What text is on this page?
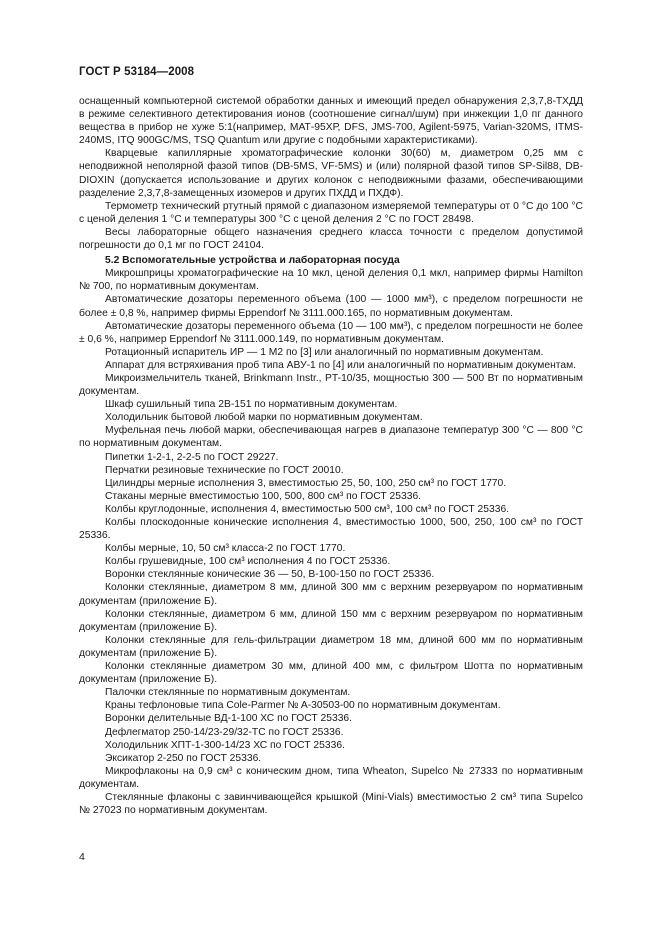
ГОСТ Р 53184—2008

оснащенный компьютерной системой обработки данных и имеющий предел обнаружения 2,3,7,8-ТХДД в режиме селективного детектирования ионов (соотношение сигнал/шум) при инжекции 1,0 пг данного вещества в прибор не хуже 5:1(например, МАТ-95ХР, DFS, JMS-700, Agilent-5975, Varian-320MS, ITMS-240MS, ITQ 900GC/MS, TSQ Quantum или другие с подобными характеристиками).

Кварцевые капиллярные хроматографические колонки 30(60) м, диаметром 0,25 мм с неподвижной неполярной фазой типов (DB-5MS, VF-5MS) и (или) полярной фазой типов SP-Sil88, DB-DIOXIN (допускается использование и других колонок с неподвижными фазами, обеспечивающими разделение 2,3,7,8-замещенных изомеров и других ПХДД и ПХДФ).

Термометр технический ртутный прямой с диапазоном измеряемой температуры от 0 °С до 100 °С с ценой деления 1 °С и температуры 300 °С с ценой деления 2 °С по ГОСТ 28498.

Весы лабораторные общего назначения среднего класса точности с пределом допустимой погрешности до 0,1 мг по ГОСТ 24104.

5.2 Вспомогательные устройства и лабораторная посуда

Микрошприцы хроматографические на 10 мкл, ценой деления 0,1 мкл, например фирмы Hamilton № 700, по нормативным документам.

Автоматические дозаторы переменного объема (100 — 1000 мм³), с пределом погрешности не более ± 0,8 %, например фирмы Eppendorf № 3111.000.165, по нормативным документам.

Автоматические дозаторы переменного объема (10 — 100 мм³), с пределом погрешности не более ± 0,6 %, например Eppendorf № 3111.000.149, по нормативным документам.

Ротационный испаритель ИР — 1 М2 по [3] или аналогичный по нормативным документам.

Аппарат для встряхивания проб типа АВУ-1 по [4] или аналогичный по нормативным документам.

Микроизмельчитель тканей, Brinkmann Instr., PT-10/35, мощностью 300 — 500 Вт по нормативным документам.

Шкаф сушильный типа 2В-151 по нормативным документам.

Холодильник бытовой любой марки по нормативным документам.

Муфельная печь любой марки, обеспечивающая нагрев в диапазоне температур 300 °С — 800 °С по нормативным документам.

Пипетки 1-2-1, 2-2-5 по ГОСТ 29227.

Перчатки резиновые технические по ГОСТ 20010.

Цилиндры мерные исполнения 3, вместимостью 25, 50, 100, 250 см³ по ГОСТ 1770.

Стаканы мерные вместимостью 100, 500, 800 см³ по ГОСТ 25336.

Колбы круглодонные, исполнения 4, вместимостью 500 см³, 100 см³ по ГОСТ 25336.

Колбы плоскодонные конические исполнения 4, вместимостью 1000, 500, 250, 100 см³ по ГОСТ 25336.

Колбы мерные, 10, 50 см³ класса-2 по ГОСТ 1770.

Колбы грушевидные, 100 см³ исполнения 4 по ГОСТ 25336.

Воронки стеклянные конические 36 — 50, В-100-150 по ГОСТ 25336.

Колонки стеклянные, диаметром 8 мм, длиной 300 мм с верхним резервуаром по нормативным документам (приложение Б).

Колонки стеклянные, диаметром 6 мм, длиной 150 мм с верхним резервуаром по нормативным документам (приложение Б).

Колонки стеклянные для гель-фильтрации диаметром 18 мм, длиной 600 мм по нормативным документам (приложение Б).

Колонки стеклянные диаметром 30 мм, длиной 400 мм, с фильтром Шотта по нормативным документам (приложение Б).

Палочки стеклянные по нормативным документам.

Краны тефлоновые типа Cole-Parmer № A-30503-00 по нормативным документам.

Воронки делительные ВД-1-100 ХС по ГОСТ 25336.

Дефлегматор 250-14/23-29/32-ТС по ГОСТ 25336.

Холодильник ХПТ-1-300-14/23 ХС по ГОСТ 25336.

Эксикатор 2-250 по ГОСТ 25336.

Микрофлаконы на 0,9 см³ с коническим дном, типа Wheaton, Supelco № 27333 по нормативным документам.

Стеклянные флаконы с завинчивающейся крышкой (Mini-Vials) вместимостью 2 см³ типа Supelco № 27023 по нормативным документам.

4
